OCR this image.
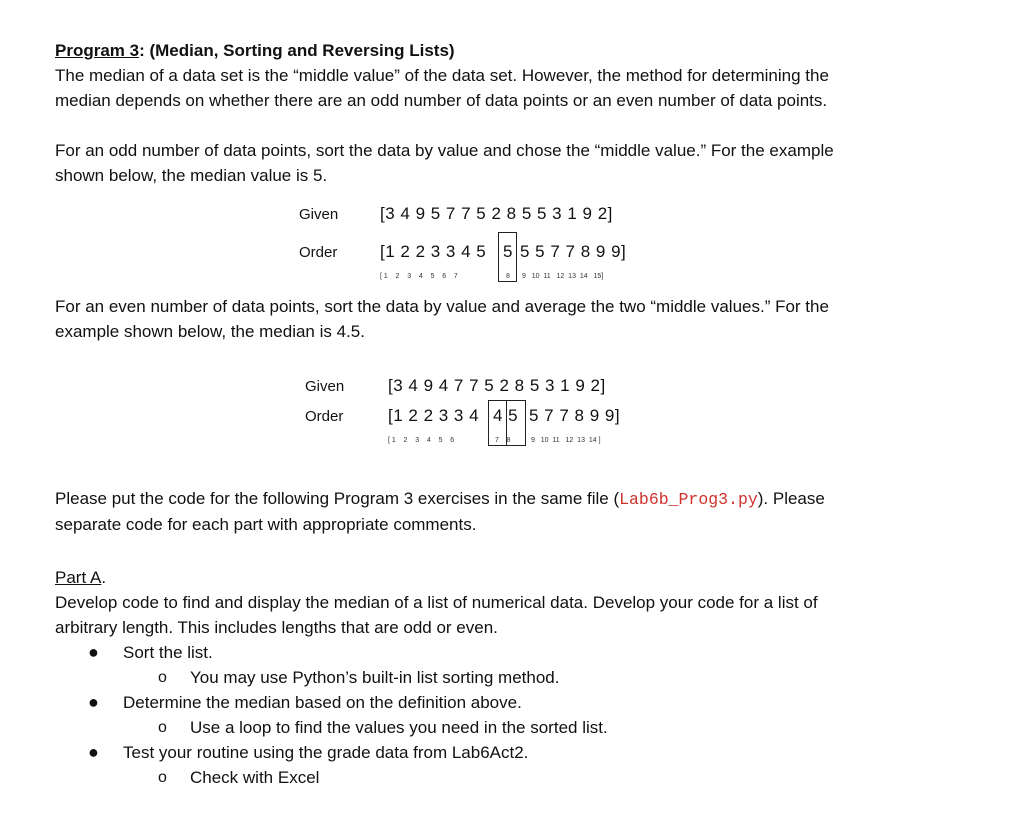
Program 3: (Median, Sorting and Reversing Lists)

The median of a data set is the “middle value” of the data set. However, the method for determining the

median depends on whether there are an odd number of data points or an even number of data points.

For an odd number of data points, sort the data by value and chose the “middle value.” For the example

shown below, the median value is 5.

Given [3 4 9 5 7 7 5 2 8 5 5 3 1 9 2]
Order	[1 2 2 3 3 4 5 5 5 5 7 7 8 9 9]
[ 1    2    3    4    5    6    7	8 9   10  11   12  13  14   15]

For an even number of data points, sort the data by value and average the two “middle values.” For the

example shown below, the median is 4.5.

Given	[3 4 9 4 7 7 5 2 8 5 3 1 9 2]
Order	[1 2 2 3 3 4 4 5 5 7 7 8 9 9]
[ 1    2    3    4    5    6	7    8	9   10  11   12  13  14 ]

Please put the code for the following Program 3 exercises in the same file (Lab6b_Prog3.py). Please

separate code for each part with appropriate comments.

Part A.

Develop code to find and display the median of a list of numerical data. Develop your code for a list of

arbitrary length. This includes lengths that are odd or even.

● Sort the list.
o You may use Python’s built-in list sorting method.
● Determine the median based on the definition above.
o Use a loop to find the values you need in the sorted list.
● Test your routine using the grade data from Lab6Act2.
o Check with Excel
